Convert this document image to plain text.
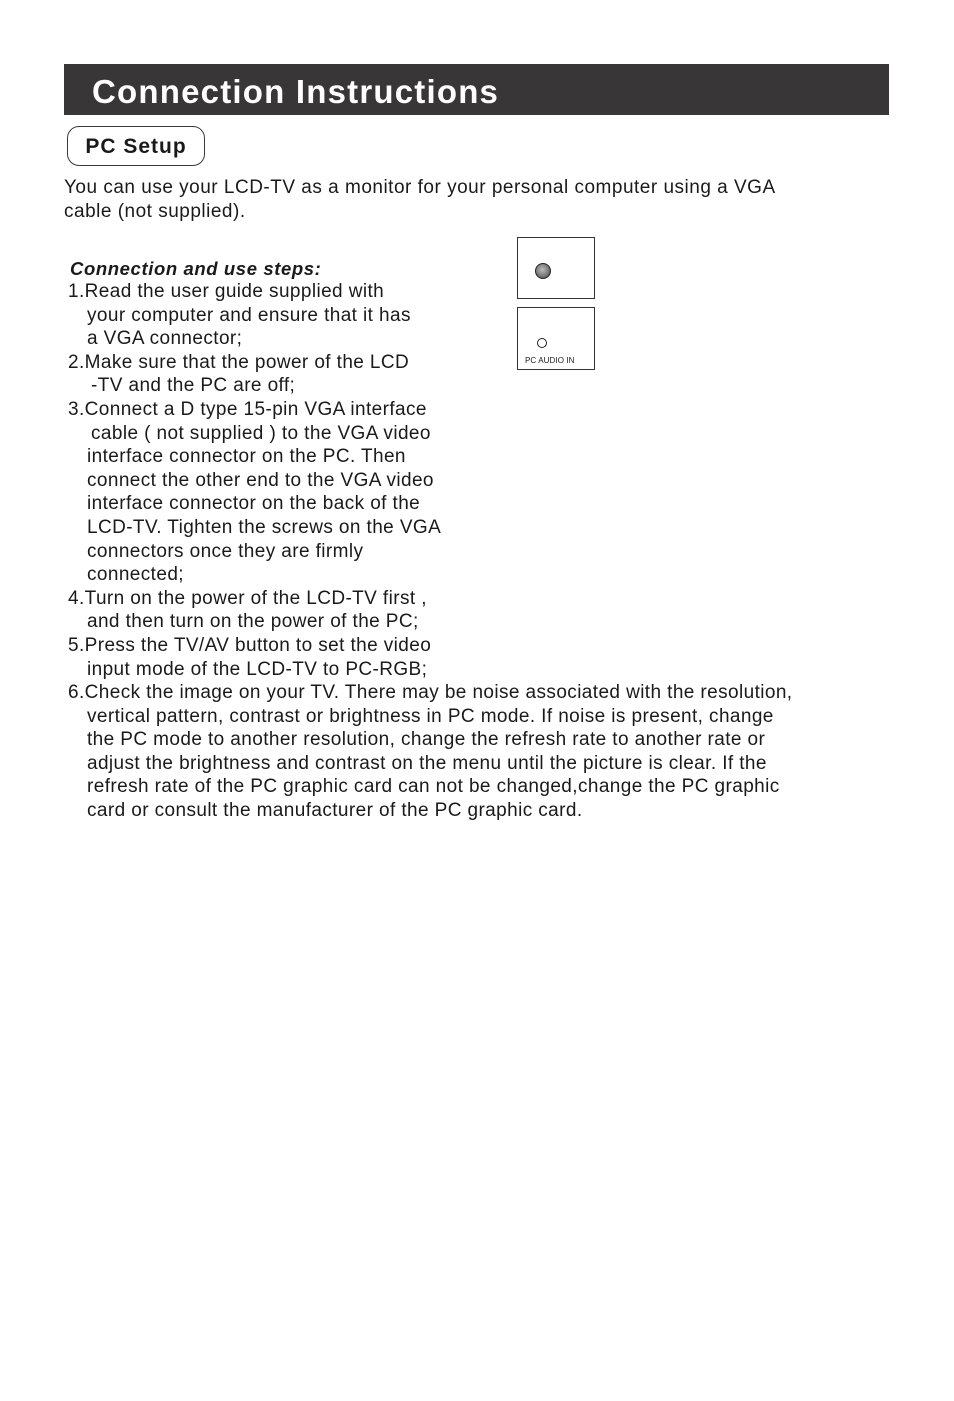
Connection Instructions
PC Setup
You can use your LCD-TV as a monitor for your personal computer using a VGA
cable (not supplied).
Connection and use steps:
1.Read the user guide supplied with
your computer and ensure that it has
a VGA connector;
2.Make sure that the power of the LCD
-TV and the PC are off;
3.Connect a D type 15-pin VGA interface
cable ( not supplied ) to the VGA video
interface connector on the PC. Then
connect the other end to the VGA video
interface connector on the back of the
LCD-TV. Tighten the screws on the VGA
connectors once they are firmly
connected;
4.Turn on the power of the LCD-TV first ,
and then turn on the power of the PC;
5.Press the TV/AV button to set the video
input mode of the LCD-TV to PC-RGB;
6.Check the image on your TV. There may be noise associated with the resolution,
vertical pattern, contrast or brightness in PC mode. If noise is present, change
the PC mode to another resolution, change the refresh rate to another rate or
adjust the brightness and contrast on the menu until the picture is clear. If the
refresh rate of the PC graphic card can not be changed,change the PC graphic
card or consult the manufacturer of the PC graphic card.
PC AUDIO IN
